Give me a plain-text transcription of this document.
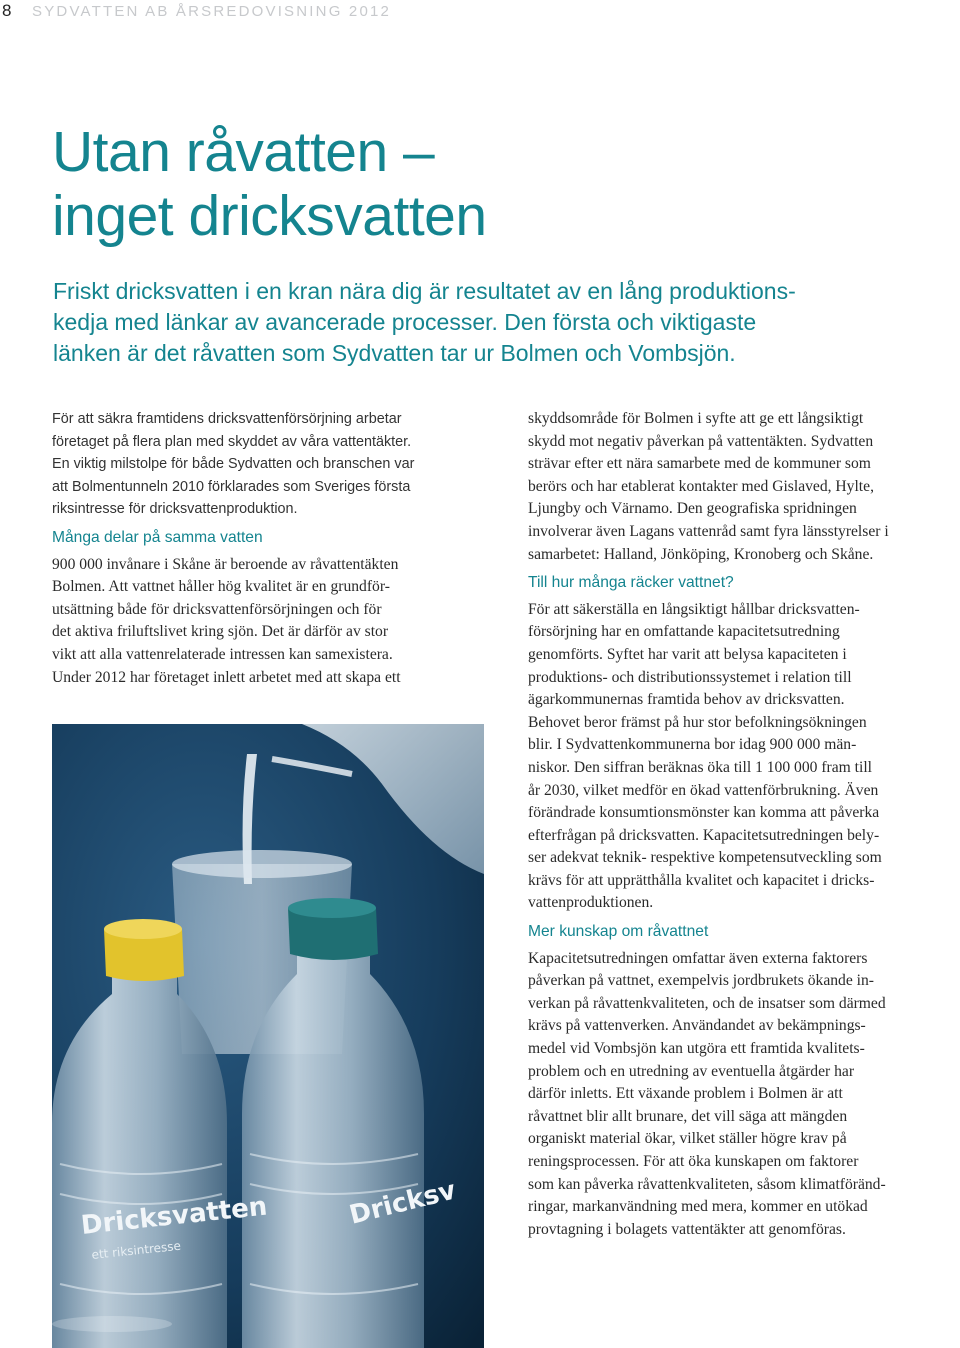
8 SYDVATTEN AB ÅRSREDOVISNING 2012
Utan råvatten –
inget dricksvatten
Friskt dricksvatten i en kran nära dig är resultatet av en lång produktions-
kedja med länkar av avancerade processer. Den första och viktigaste
länken är det råvatten som Sydvatten tar ur Bolmen och Vombsjön.
För att säkra framtidens dricksvattenförsörjning arbetar
företaget på flera plan med skyddet av våra vattentäkter.
En viktig milstolpe för både Sydvatten och branschen var
att Bolmentunneln 2010 förklarades som Sveriges första
riksintresse för dricksvattenproduktion.
Många delar på samma vatten
900 000 invånare i Skåne är beroende av råvattentäkten
Bolmen. Att vattnet håller hög kvalitet är en grundför-
utsättning både för dricksvattenförsörjningen och för
det aktiva friluftslivet kring sjön. Det är därför av stor
vikt att alla vattenrelaterade intressen kan samexistera.
Under 2012 har företaget inlett arbetet med att skapa ett
Dricksvatten
ett riksintresse
Dricksv
skyddsområde för Bolmen i syfte att ge ett långsiktigt
skydd mot negativ påverkan på vattentäkten. Sydvatten
strävar efter ett nära samarbete med de kommuner som
berörs och har etablerat kontakter med Gislaved, Hylte,
Ljungby och Värnamo. Den geografiska spridningen
involverar även Lagans vattenråd samt fyra länsstyrelser i
samarbetet: Halland, Jönköping, Kronoberg och Skåne.
Till hur många räcker vattnet?
För att säkerställa en långsiktigt hållbar dricksvatten-
försörjning har en omfattande kapacitetsutredning
genomförts. Syftet har varit att belysa kapaciteten i
produktions- och distributionssystemet i relation till
ägarkommunernas framtida behov av dricksvatten.
Behovet beror främst på hur stor befolkningsökningen
blir. I Sydvattenkommunerna bor idag 900 000 män-
niskor. Den siffran beräknas öka till 1 100 000 fram till
år 2030, vilket medför en ökad vattenförbrukning. Även
förändrade konsumtionsmönster kan komma att påverka
efterfrågan på dricksvatten. Kapacitetsutredningen bely-
ser adekvat teknik- respektive kompetensutveckling som
krävs för att upprätthålla kvalitet och kapacitet i dricks-
vattenproduktionen.
Mer kunskap om råvattnet
Kapacitetsutredningen omfattar även externa faktorers
påverkan på vattnet, exempelvis jordbrukets ökande in-
verkan på råvattenkvaliteten, och de insatser som därmed
krävs på vattenverken. Användandet av bekämpnings-
medel vid Vombsjön kan utgöra ett framtida kvalitets-
problem och en utredning av eventuella åtgärder har
därför inletts. Ett växande problem i Bolmen är att
råvattnet blir allt brunare, det vill säga att mängden
organiskt material ökar, vilket ställer högre krav på
reningsprocessen. För att öka kunskapen om faktorer
som kan påverka råvattenkvaliteten, såsom klimatföränd-
ringar, markanvändning med mera, kommer en utökad
provtagning i bolagets vattentäkter att genomföras.
